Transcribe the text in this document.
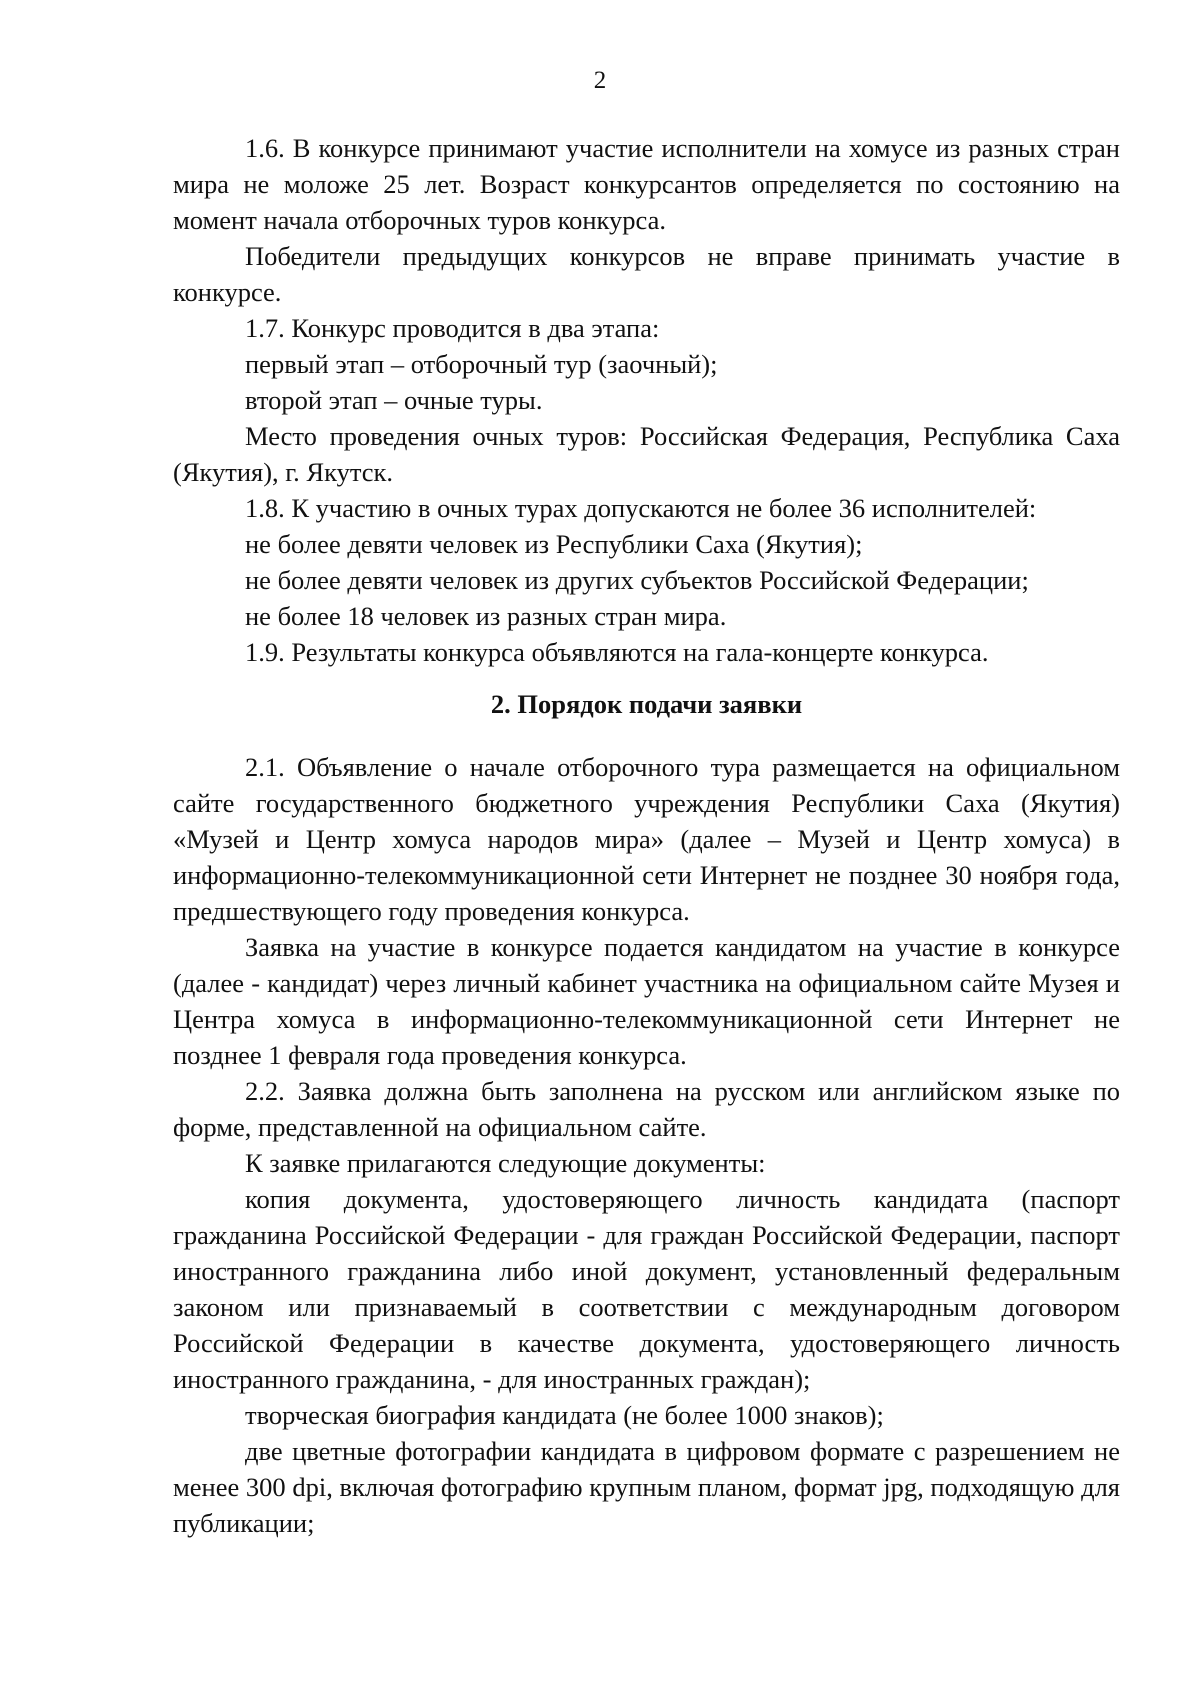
2

1.6. В конкурсе принимают участие исполнители на хомусе из разных стран мира не моложе 25 лет. Возраст конкурсантов определяется по состоянию на момент начала отборочных туров конкурса.

Победители предыдущих конкурсов не вправе принимать участие в конкурсе.

1.7. Конкурс проводится в два этапа:

первый этап – отборочный тур (заочный);

второй этап – очные туры.

Место проведения очных туров: Российская Федерация, Республика Саха (Якутия), г. Якутск.

1.8. К участию в очных турах допускаются не более 36 исполнителей:

не более девяти человек из Республики Саха (Якутия);

не более девяти человек из других субъектов Российской Федерации;

не более 18 человек из разных стран мира.

1.9. Результаты конкурса объявляются на гала-концерте конкурса.

2. Порядок подачи заявки

2.1. Объявление о начале отборочного тура размещается на официальном сайте государственного бюджетного учреждения Республики Саха (Якутия) «Музей и Центр хомуса народов мира» (далее – Музей и Центр хомуса) в информационно-телекоммуникационной сети Интернет не позднее 30 ноября года, предшествующего году проведения конкурса.

Заявка на участие в конкурсе подается кандидатом на участие в конкурсе (далее - кандидат) через личный кабинет участника на официальном сайте Музея и Центра хомуса в информационно-телекоммуникационной сети Интернет не позднее 1 февраля года проведения конкурса.

2.2. Заявка должна быть заполнена на русском или английском языке по форме, представленной на официальном сайте.

К заявке прилагаются следующие документы:

копия документа, удостоверяющего личность кандидата (паспорт гражданина Российской Федерации - для граждан Российской Федерации, паспорт иностранного гражданина либо иной документ, установленный федеральным законом или признаваемый в соответствии с международным договором Российской Федерации в качестве документа, удостоверяющего личность иностранного гражданина, - для иностранных граждан);

творческая биография кандидата (не более 1000 знаков);

две цветные фотографии кандидата в цифровом формате с разрешением не менее 300 dpi, включая фотографию крупным планом, формат jpg, подходящую для публикации;
